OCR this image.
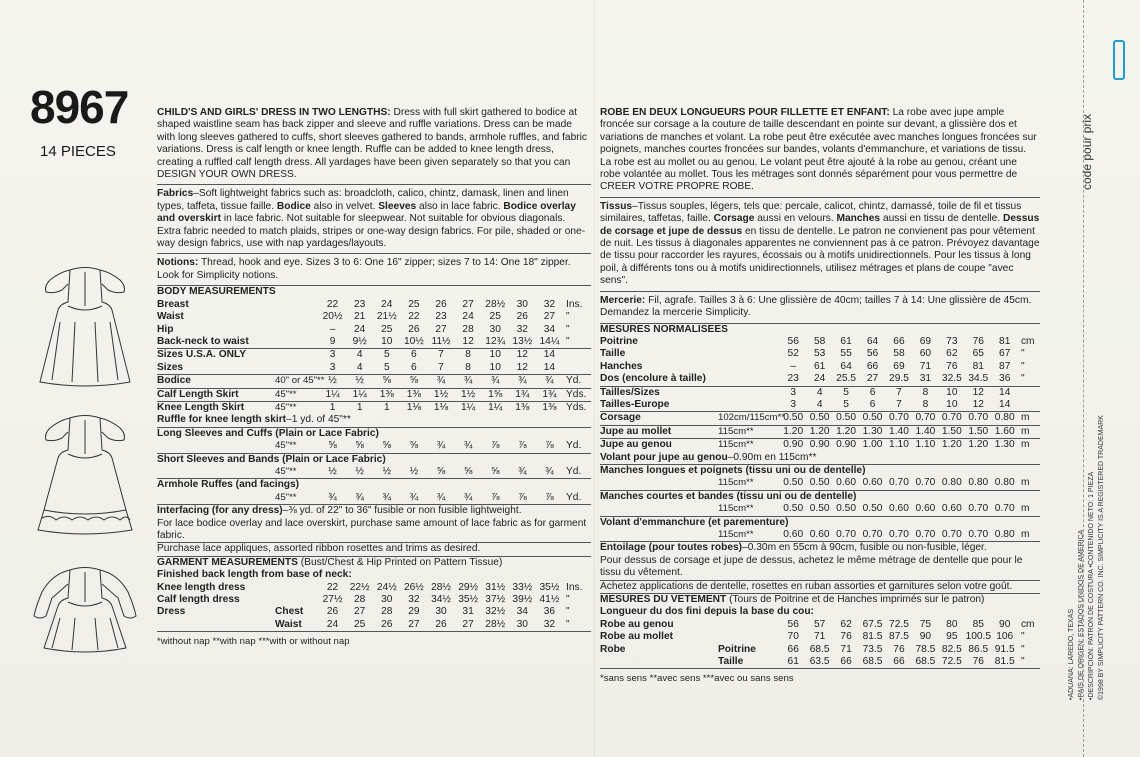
8967
14 PIECES
CHILD'S AND GIRLS' DRESS IN TWO LENGTHS: Dress with full skirt gathered to bodice at shaped waistline seam has back zipper and sleeve and ruffle variations. Dress can be made with long sleeves gathered to cuffs, short sleeves gathered to bands, armhole ruffles, and fabric variations. Dress is calf length or knee length. Ruffle can be added to knee length dress, creating a ruffled calf length dress. All yardages have been given separately so that you can DESIGN YOUR OWN DRESS.
Fabrics–Soft lightweight fabrics such as: broadcloth, calico, chintz, damask, linen and linen types, taffeta, tissue faille. Bodice also in velvet. Sleeves also in lace fabric. Bodice overlay and overskirt in lace fabric. Not suitable for sleepwear. Not suitable for obvious diagonals. Extra fabric needed to match plaids, stripes or one-way design fabrics. For pile, shaded or one-way design fabrics, use with nap yardages/layouts.
Notions: Thread, hook and eye. Sizes 3 to 6: One 16" zipper; sizes 7 to 14: One 18" zipper. Look for Simplicity notions.
BODY MEASUREMENTS											
Breast		22	23	24	25	26	27	28½	30	32	Ins.
Waist		20½	21	21½	22	23	24	25	26	27	"
Hip		–	24	25	26	27	28	30	32	34	"
Back-neck to waist		9	9½	10	10½	11½	12	12¾	13½	14¼	"
Sizes U.S.A. ONLY		3	4	5	6	7	8	10	12	14	
Sizes		3	4	5	6	7	8	10	12	14	
Bodice	40" or 45"**	½	½	⅝	⅝	¾	¾	¾	¾	¾	Yd.
Calf Length Skirt	45"**	1¼	1¼	1⅜	1⅜	1½	1½	1⅝	1¾	1¾	Yds.
Knee Length Skirt	45"**	1	1	1	1⅛	1⅛	1¼	1¼	1⅜	1⅜	Yds.
Ruffle for knee length skirt–1 yd. of 45"**											
Long Sleeves and Cuffs (Plain or Lace Fabric)											
	45"**	⅝	⅝	⅝	⅝	¾	¾	⅞	⅞	⅞	Yd.
Short Sleeves and Bands (Plain or Lace Fabric)											
	45"**	½	½	½	½	⅝	⅝	⅝	¾	¾	Yd.
Armhole Ruffes (and facings)											
	45"**	¾	¾	¾	¾	¾	¾	⅞	⅞	⅞	Yd.
Interfacing (for any dress)–⅜ yd. of 22" to 36" fusible or non fusible lightweight.											
For lace bodice overlay and lace overskirt, purchase same amount of lace fabric as for garment fabric.											
Purchase lace appliques, assorted ribbon rosettes and trims as desired.											
GARMENT MEASUREMENTS (Bust/Chest & Hip Printed on Pattern Tissue)											
Finished back length from base of neck:											
Knee length dress		22	22½	24½	26½	28½	29½	31½	33½	35½	Ins.
Calf length dress		27½	28	30	32	34½	35½	37½	39½	41½	"
Dress	Chest	26	27	28	29	30	31	32½	34	36	"
	Waist	24	25	26	27	26	27	28½	30	32	"
*without nap **with nap ***with or without nap
ROBE EN DEUX LONGUEURS POUR FILLETTE ET ENFANT: La robe avec jupe ample froncée sur corsage a la couture de taille descendant en pointe sur devant, a glissière dos et variations de manches et volant. La robe peut être exécutée avec manches longues froncées sur poignets, manches courtes froncées sur bandes, volants d'emmanchure, et variations de tissu. La robe est au mollet ou au genou. Le volant peut être ajouté à la robe au genou, créant une robe volantée au mollet. Tous les métrages sont donnés séparément pour vous permettre de CREER VOTRE PROPRE ROBE.
Tissus–Tissus souples, légers, tels que: percale, calicot, chintz, damassé, toile de fil et tissus similaires, taffetas, faille. Corsage aussi en velours. Manches aussi en tissu de dentelle. Dessus de corsage et jupe de dessus en tissu de dentelle. Le patron ne convienent pas pour vêtement de nuit. Les tissus à diagonales apparentes ne conviennent pas à ce patron. Prévoyez davantage de tissu pour raccorder les rayures, écossais ou à motifs unidirectionnels. Pour les tissus à long poil, à différents tons ou à motifs unidirectionnels, utilisez métrages et plans de coupe "avec sens".
Mercerie: Fil, agrafe. Tailles 3 à 6: Une glissière de 40cm; tailles 7 à 14: Une glissière de 45cm. Demandez la mercerie Simplicity.
MESURES NORMALISEES											
Poitrine		56	58	61	64	66	69	73	76	81	cm
Taille		52	53	55	56	58	60	62	65	67	"
Hanches		–	61	64	66	69	71	76	81	87	"
Dos (encolure à taille)		23	24	25.5	27	29.5	31	32.5	34.5	36	"
Tailles/Sizes		3	4	5	6	7	8	10	12	14	
Tailles-Europe		3	4	5	6	7	8	10	12	14	
Corsage	102cm/115cm**	0.50	0.50	0.50	0.50	0.70	0.70	0.70	0.70	0.80	m
Jupe au mollet	115cm**	1.20	1.20	1.20	1.30	1.40	1.40	1.50	1.50	1.60	m
Jupe au genou	115cm**	0.90	0.90	0.90	1.00	1.10	1.10	1.20	1.20	1.30	m
Volant pour jupe au genou–0.90m en 115cm**											
Manches longues et poignets (tissu uni ou de dentelle)											
	115cm**	0.50	0.50	0.60	0.60	0.70	0.70	0.80	0.80	0.80	m
Manches courtes et bandes (tissu uni ou de dentelle)											
	115cm**	0.50	0.50	0.50	0.50	0.60	0.60	0.60	0.70	0.70	m
Volant d'emmanchure (et parementure)											
	115cm**	0.60	0.60	0.70	0.70	0.70	0.70	0.70	0.70	0.80	m
Entoilage (pour toutes robes)–0.30m en 55cm à 90cm, fusible ou non-fusible, léger.											
Pour dessus de corsage et jupe de dessus, achetez le même métrage de dentelle que pour le tissu du vêtement.											
Achetez applications de dentelle, rosettes en ruban assorties et garnitures selon votre goût.											
MESURES DU VETEMENT (Tours de Poitrine et de Hanches imprimés sur le patron)											
Longueur du dos fini depuis la base du cou:											
Robe au genou		56	57	62	67.5	72.5	75	80	85	90	cm
Robe au mollet		70	71	76	81.5	87.5	90	95	100.5	106	"
Robe	Poitrine	66	68.5	71	73.5	76	78.5	82.5	86.5	91.5	"
	Taille	61	63.5	66	68.5	66	68.5	72.5	76	81.5	"
*sans sens **avec sens ***avec ou sans sens
code pour prix
©1998 BY SIMPLICITY PATTERN CO. INC. SIMPLICITY IS A REGISTERED TRADEMARK
•DESCRIPCION: PATRON DE COSTURA •CONTENIDO NETO: 1 PIEZA
•PAIS DE ORIGEN: ESTADOS UNIDOS DE AMERICA
•ADUANA: LAREDO, TEXAS
